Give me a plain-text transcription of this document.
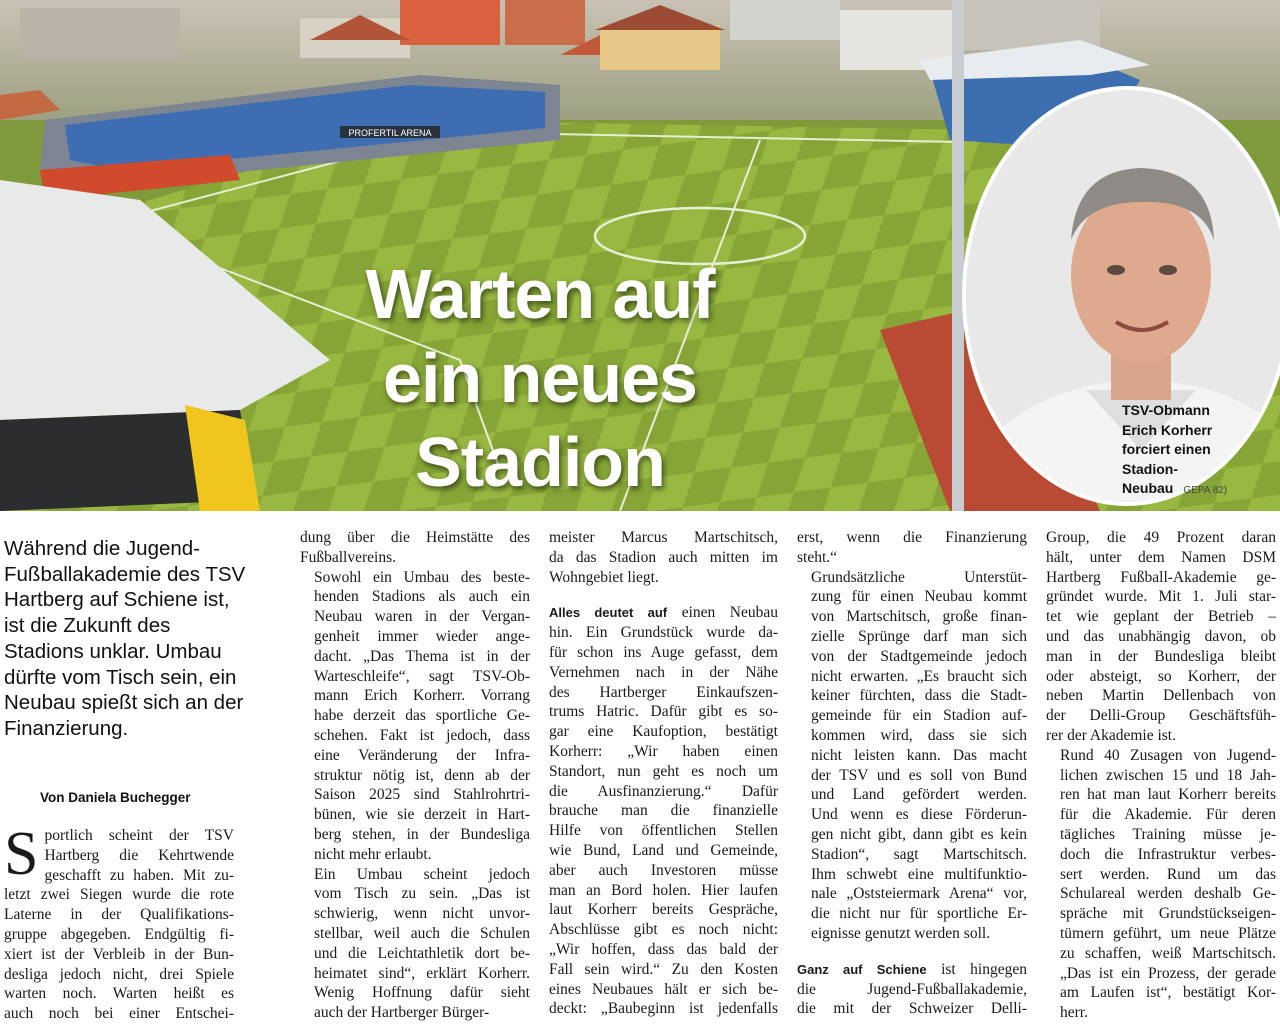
PROFERTIL ARENA
Warten auf
ein neues
Stadion
TSV-Obmann
Erich Korherr
forciert einen
Stadion-
Neubau GEPA 82)
Während die Jugend-Fußballakademie des TSV Hartberg auf Schiene ist, ist die Zukunft des Stadions unklar. Umbau dürfte vom Tisch sein, ein Neubau spießt sich an der Finanzierung.
Von Daniela Buchegger
S portlich scheint der TSV
Hartberg die Kehrtwende
geschafft zu haben. Mit zu-
letzt zwei Siegen wurde die rote
Laterne in der Qualifikations-
gruppe abgegeben. Endgültig fi-
xiert ist der Verbleib in der Bun-
desliga jedoch nicht, drei Spiele
warten noch. Warten heißt es
auch noch bei einer Entschei-

dung über die Heimstätte des
Fußballvereins.

Sowohl ein Umbau des beste-
henden Stadions als auch ein
Neubau waren in der Vergan-
genheit immer wieder ange-
dacht. „Das Thema ist in der
Warteschleife“, sagt TSV-Ob-
mann Erich Korherr. Vorrang
habe derzeit das sportliche Ge-
schehen. Fakt ist jedoch, dass
eine Veränderung der Infra-
struktur nötig ist, denn ab der
Saison 2025 sind Stahlrohrtri-
bünen, wie sie derzeit in Hart-
berg stehen, in der Bundesliga
nicht mehr erlaubt.

Ein Umbau scheint jedoch
vom Tisch zu sein. „Das ist
schwierig, wenn nicht unvor-
stellbar, weil auch die Schulen
und die Leichtathletik dort be-
heimatet sind“, erklärt Korherr.
Wenig Hoffnung dafür sieht
auch der Hartberger Bürger-

meister Marcus Martschitsch,
da das Stadion auch mitten im
Wohngebiet liegt.

Alles deutet auf einen Neubau
hin. Ein Grundstück wurde da-
für schon ins Auge gefasst, dem
Vernehmen nach in der Nähe
des Hartberger Einkaufszen-
trums Hatric. Dafür gibt es so-
gar eine Kaufoption, bestätigt
Korherr: „Wir haben einen
Standort, nun geht es noch um
die Ausfinanzierung.“ Dafür
brauche man die finanzielle
Hilfe von öffentlichen Stellen
wie Bund, Land und Gemeinde,
aber auch Investoren müsse
man an Bord holen. Hier laufen
laut Korherr bereits Gespräche,
Abschlüsse gibt es noch nicht:
„Wir hoffen, dass das bald der
Fall sein wird.“ Zu den Kosten
eines Neubaues hält er sich be-
deckt: „Baubeginn ist jedenfalls

erst, wenn die Finanzierung
steht.“

Grundsätzliche Unterstüt-
zung für einen Neubau kommt
von Martschitsch, große finan-
zielle Sprünge darf man sich
von der Stadtgemeinde jedoch
nicht erwarten. „Es braucht sich
keiner fürchten, dass die Stadt-
gemeinde für ein Stadion auf-
kommen wird, dass sie sich
nicht leisten kann. Das macht
der TSV und es soll von Bund
und Land gefördert werden.
Und wenn es diese Förderun-
gen nicht gibt, dann gibt es kein
Stadion“, sagt Martschitsch.
Ihm schwebt eine multifunktio-
nale „Oststeiermark Arena“ vor,
die nicht nur für sportliche Er-
eignisse genutzt werden soll.

Ganz auf Schiene ist hingegen
die Jugend-Fußballakademie,
die mit der Schweizer Delli-

Group, die 49 Prozent daran
hält, unter dem Namen DSM
Hartberg Fußball-Akademie ge-
gründet wurde. Mit 1. Juli star-
tet wie geplant der Betrieb –
und das unabhängig davon, ob
man in der Bundesliga bleibt
oder absteigt, so Korherr, der
neben Martin Dellenbach von
der Delli-Group Geschäftsfüh-
rer der Akademie ist.

Rund 40 Zusagen von Jugend-
lichen zwischen 15 und 18 Jah-
ren hat man laut Korherr bereits
für die Akademie. Für deren
tägliches Training müsse je-
doch die Infrastruktur verbes-
sert werden. Rund um das
Schulareal werden deshalb Ge-
spräche mit Grundstückseigen-
tümern geführt, um neue Plätze
zu schaffen, weiß Martschitsch.
„Das ist ein Prozess, der gerade
am Laufen ist“, bestätigt Kor-
herr.
